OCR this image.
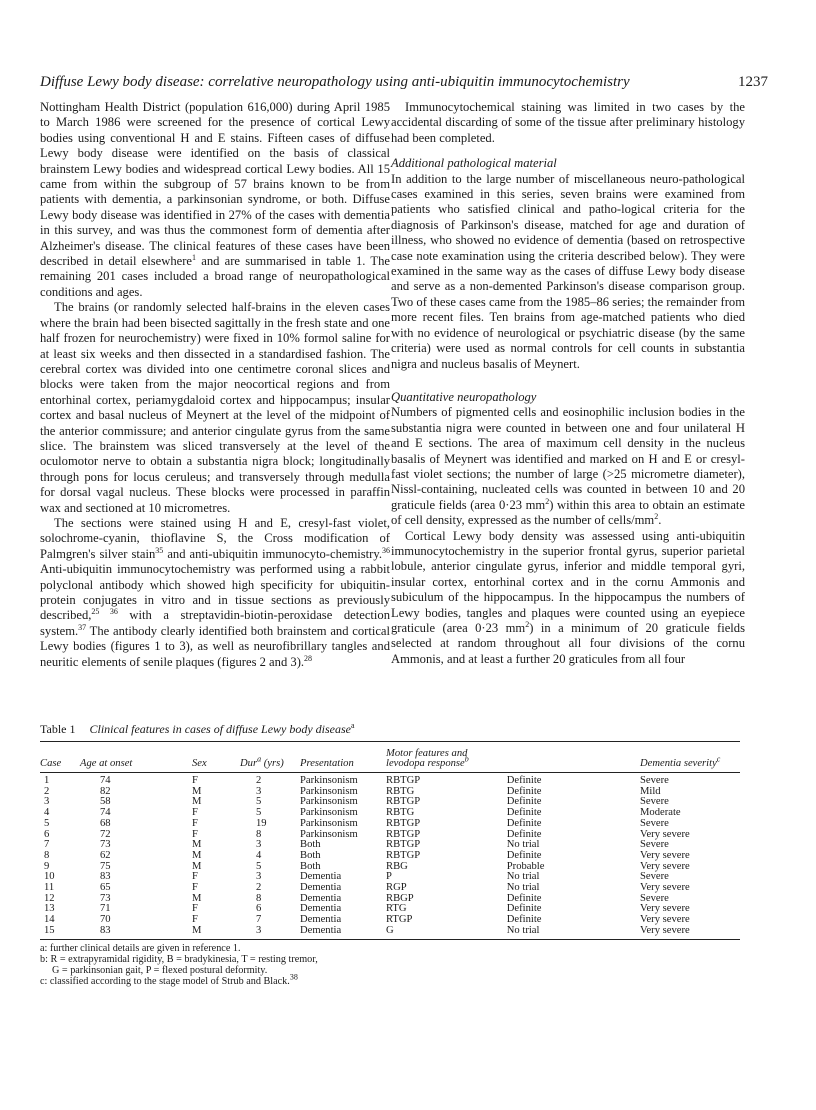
Diffuse Lewy body disease: correlative neuropathology using anti-ubiquitin immunocytochemistry	1237

Nottingham Health District (population 616,000) during April 1985 to March 1986 were screened for the presence of cortical Lewy bodies using conventional H and E stains. Fifteen cases of diffuse Lewy body disease were identified on the basis of classical brainstem Lewy bodies and widespread cortical Lewy bodies. All 15 came from within the subgroup of 57 brains known to be from patients with dementia, a parkinsonian syndrome, or both. Diffuse Lewy body disease was identified in 27% of the cases with dementia in this survey, and was thus the commonest form of dementia after Alzheimer's disease. The clinical features of these cases have been described in detail elsewhere$^1$ and are summarised in table 1. The remaining 201 cases included a broad range of neuropathological conditions and ages.

The brains (or randomly selected half-brains in the eleven cases where the brain had been bisected sagittally in the fresh state and one half frozen for neurochemistry) were fixed in 10% formol saline for at least six weeks and then dissected in a standardised fashion. The cerebral cortex was divided into one centimetre coronal slices and blocks were taken from the major neocortical regions and from entorhinal cortex, periamygdaloid cortex and hippocampus; insular cortex and basal nucleus of Meynert at the level of the midpoint of the anterior commissure; and anterior cingulate gyrus from the same slice. The brainstem was sliced transversely at the level of the oculomotor nerve to obtain a substantia nigra block; longitudinally through pons for locus ceruleus; and transversely through medulla for dorsal vagal nucleus. These blocks were processed in paraffin wax and sectioned at 10 micrometres.

The sections were stained using H and E, cresyl-fast violet, solochrome-cyanin, thioflavine S, the Cross modification of Palmgren's silver stain$^{35}$ and anti-ubiquitin immunocyto-chemistry.$^{36}$ Anti-ubiquitin immunocytochemistry was performed using a rabbit polyclonal antibody which showed high specificity for ubiquitin-protein conjugates in vitro and in tissue sections as previously described,$^{25 36}$ with a streptavidin-biotin-peroxidase detection system.$^{37}$ The antibody clearly identified both brainstem and cortical Lewy bodies (figures 1 to 3), as well as neurofibrillary tangles and neuritic elements of senile plaques (figures 2 and 3).$^{28}$

Immunocytochemical staining was limited in two cases by the accidental discarding of some of the tissue after preliminary histology had been completed.

Additional pathological material

In addition to the large number of miscellaneous neuro-pathological cases examined in this series, seven brains were examined from patients who satisfied clinical and patho-logical criteria for the diagnosis of Parkinson's disease, matched for age and duration of illness, who showed no evidence of dementia (based on retrospective case note examination using the criteria described below). They were examined in the same way as the cases of diffuse Lewy body disease and serve as a non-demented Parkinson's disease comparison group. Two of these cases came from the 1985–86 series; the remainder from more recent files. Ten brains from age-matched patients who died with no evidence of neurological or psychiatric disease (by the same criteria) were used as normal controls for cell counts in substantia nigra and nucleus basalis of Meynert.

Quantitative neuropathology

Numbers of pigmented cells and eosinophilic inclusion bodies in the substantia nigra were counted in between one and four unilateral H and E sections. The area of maximum cell density in the nucleus basalis of Meynert was identified and marked on H and E or cresyl-fast violet sections; the number of large (>25 micrometre diameter), Nissl-containing, nucleated cells was counted in between 10 and 20 graticule fields (area 0·23 $mm^2$) within this area to obtain an estimate of cell density, expressed as the number of cells/$mm^2$.

Cortical Lewy body density was assessed using anti-ubiquitin immunocytochemistry in the superior frontal gyrus, superior parietal lobule, anterior cingulate gyrus, inferior and middle temporal gyri, insular cortex, entorhinal cortex and in the cornu Ammonis and subiculum of the hippocampus. In the hippocampus the numbers of Lewy bodies, tangles and plaques were counted using an eyepiece graticule (area 0·23 $mm^2$) in a minimum of 20 graticule fields selected at random throughout all four divisions of the cornu Ammonis, and at least a further 20 graticules from all four

Table 1 Clinical features in cases of diffuse Lewy body disease$^a$
Case	Age at onset	Sex	Dur$^a$ (yrs)	Presentation	Motor features and
levodopa response$^b$		Dementia severity$^c$

1	74	F	2	Parkinsonism	RBTGP	Definite	Severe
2	82	M	3	Parkinsonism	RBTG	Definite	Mild
3	58	M	5	Parkinsonism	RBTGP	Definite	Severe
4	74	F	5	Parkinsonism	RBTG	Definite	Moderate
5	68	F	19	Parkinsonism	RBTGP	Definite	Severe
6	72	F	8	Parkinsonism	RBTGP	Definite	Very severe
7	73	M	3	Both	RBTGP	No trial	Severe
8	62	M	4	Both	RBTGP	Definite	Very severe
9	75	M	5	Both	RBG	Probable	Very severe
10	83	F	3	Dementia	P	No trial	Severe
11	65	F	2	Dementia	RGP	No trial	Very severe
12	73	M	8	Dementia	RBGP	Definite	Severe
13	71	F	6	Dementia	RTG	Definite	Very severe
14	70	F	7	Dementia	RTGP	Definite	Very severe
15	83	M	3	Dementia	G	No trial	Very severe
a: further clinical details are given in reference 1.
b: R = extrapyramidal rigidity, B = bradykinesia, T = resting tremor,
G = parkinsonian gait, P = flexed postural deformity.
c: classified according to the stage model of Strub and Black.$^{38}$
